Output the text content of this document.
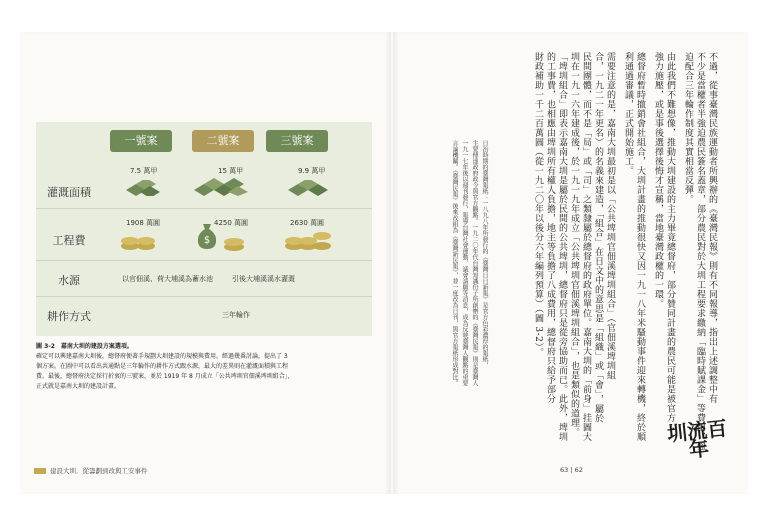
一號案	二號案	三號案
灌溉面積
7.5 萬甲	15 萬甲	9.9 萬甲
工程費
1908 萬圓	4250 萬圓	2630 萬圓
$
水源	以官佃溪、荷大埔溪為蓄水池	引後大埔溪溪水灌溉
耕作方式	三年輪作
圖 3-2　嘉南大圳的建設方案選項。
確定可以興建嘉南大圳後，總督府便著手規劃大圳建設的規模與費用。經過幾番討論，提出了 3
個方案。在圖中可以看出共通點是三年輪作的耕作方式跟水源，最大的差異則在灌溉面積與工程
費。最後，總督府決定採行折衷的三號案，並於 1919 年 8 月成立「公共埤圳官佃溪埤圳組合」，
正式就是嘉南大圳的建設計畫。
建設大圳．從籌劃到改與工安事件	63 | 62
不過，從事臺灣民族運動者所興辦的《臺灣民報》則有不同報導，指出上述調整中有
不少是當權者半強迫農民簽名蓋章，部分農民對於大圳工程要求繳納「臨時賦課金」等費用，強
迫配合三年輪作制度其實相當反彈。
由此我們不難想像，推動大圳建設的主力畢竟總督府，部分贊同計畫的農民可能是被官方
強力施壓，或是事後選擇後悔才宣稱，當地臺灣政權的一環。
總督府暫時撤銷會社組合，大圳計畫的推動很快又因一九一八年米騷動事件迎來轉機，終於順
利通過審議，正式開始施工。
需要注意的是，嘉南大圳最初是以「公共埤圳官佃溪埤圳組合」（官佃溪埤圳組
合，一九二一年更名）的名義來建造，「組合」在日文中的意思是「組織」或「會」，屬於
民間團體，而不是「局」或「司」之類隸屬於總督府的政府單位。嘉南大圳的「前身」挂圖大
圳在一九一六年建成後，於一九一九年成立「公共埤圳官佃溪埤圳組合」，也是類似的道理。
「埤圳組合」即表示嘉南大圳是屬於民間的公共埤圳，總督府只是從旁協助而已。此外，埤圳
的工事費，也相應由埤圳所有權人負擔，地主等負擔了八成費用，總督府只給予部分
財政補助一千二百萬圓（從一九二〇年以後分六年編列預算）（圖 3-2）。
日治時期的臺灣報紙：一八九八年所發行的《臺灣日日新報》是官方色彩濃厚的報紙，
主要傳達政府政令與官方觀點。一九二〇年代台灣知識份子所創辦的《臺灣民報》則是臺灣人
一九一七年後以週刊發行，報導台灣社會運動、議會請願等消息，成為反映臺灣人觀點的重要
言論機關。《臺灣民報》後來改組為《臺灣新民報》，並一度改為日刊，與官方報紙形成對比。
圳流百年
